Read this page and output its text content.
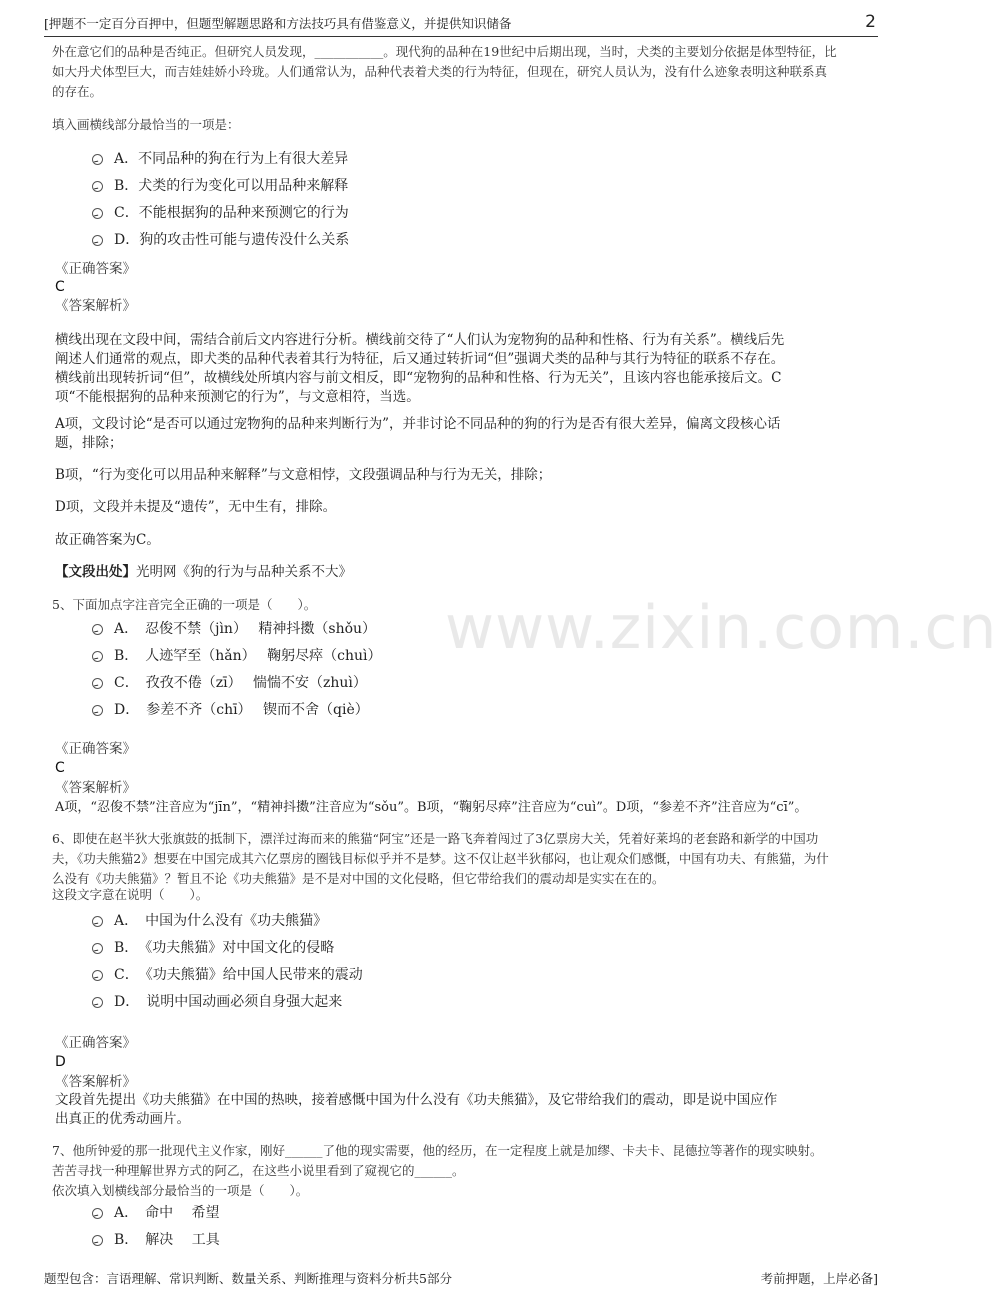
[押题不一定百分百押中，但题型解题思路和方法技巧具有借鉴意义，并提供知识储备	2
www.zixin.com.cn
外在意它们的品种是否纯正。但研究人员发现，___________。现代狗的品种在19世纪中后期出现，当时，犬类的主要划分依据是体型特征，比
如大丹犬体型巨大，而吉娃娃娇小玲珑。人们通常认为，品种代表着犬类的行为特征，但现在，研究人员认为，没有什么迹象表明这种联系真
的存在。
填入画横线部分最恰当的一项是：
A．不同品种的狗在行为上有很大差异
B．犬类的行为变化可以用品种来解释
C．不能根据狗的品种来预测它的行为
D．狗的攻击性可能与遗传没什么关系
《正确答案》
C
《答案解析》
横线出现在文段中间，需结合前后文内容进行分析。横线前交待了“人们认为宠物狗的品种和性格、行为有关系”。横线后先
阐述人们通常的观点，即犬类的品种代表着其行为特征，后又通过转折词“但”强调犬类的品种与其行为特征的联系不存在。
横线前出现转折词“但”，故横线处所填内容与前文相反，即“宠物狗的品种和性格、行为无关”，且该内容也能承接后文。C
项“不能根据狗的品种来预测它的行为”，与文意相符，当选。
A项，文段讨论“是否可以通过宠物狗的品种来判断行为”，并非讨论不同品种的狗的行为是否有很大差异，偏离文段核心话
题，排除；
B项，“行为变化可以用品种来解释”与文意相悖，文段强调品种与行为无关，排除；
D项，文段并未提及“遗传”，无中生有，排除。
故正确答案为C。
【文段出处】光明网《狗的行为与品种关系不大》
5、下面加点字注音完全正确的一项是（　　）。
A．　忍俊不禁（jìn）　 精神抖擞（shǒu）
B．　人迹罕至（hǎn）　 鞠躬尽瘁（chuì）
C．　孜孜不倦（zī）　 惴惴不安（zhuì）
D．　参差不齐（chī）　 锲而不舍（qiè）
《正确答案》
C
《答案解析》
A项，“忍俊不禁”注音应为“jīn”，“精神抖擞”注音应为“sǒu”。B项，“鞠躬尽瘁”注音应为“cuì”。D项，“参差不齐”注音应为“cī”。
6、即使在赵半狄大张旗鼓的抵制下，漂洋过海而来的熊猫“阿宝”还是一路飞奔着闯过了3亿票房大关，凭着好莱坞的老套路和新学的中国功
夫，《功夫熊猫2》想要在中国完成其六亿票房的圈钱目标似乎并不是梦。这不仅让赵半狄郁闷，也让观众们感慨，中国有功夫、有熊猫，为什
么没有《功夫熊猫》？暂且不论《功夫熊猫》是不是对中国的文化侵略，但它带给我们的震动却是实实在在的。
这段文字意在说明（　　）。
A．　中国为什么没有《功夫熊猫》
B．　《功夫熊猫》对中国文化的侵略
C．　《功夫熊猫》给中国人民带来的震动
D．　说明中国动画必须自身强大起来
《正确答案》
D
《答案解析》
文段首先提出《功夫熊猫》在中国的热映，接着感慨中国为什么没有《功夫熊猫》，及它带给我们的震动，即是说中国应作
出真正的优秀动画片。
7、他所钟爱的那一批现代主义作家，刚好______了他的现实需要，他的经历，在一定程度上就是加缪、卡夫卡、昆德拉等著作的现实映射。
苦苦寻找一种理解世界方式的阿乙，在这些小说里看到了窥视它的______。
依次填入划横线部分最恰当的一项是（　　）。
A．　命中　 希望
B．　解决　 工具
题型包含：言语理解、常识判断、数量关系、判断推理与资料分析共5部分	考前押题，上岸必备]
